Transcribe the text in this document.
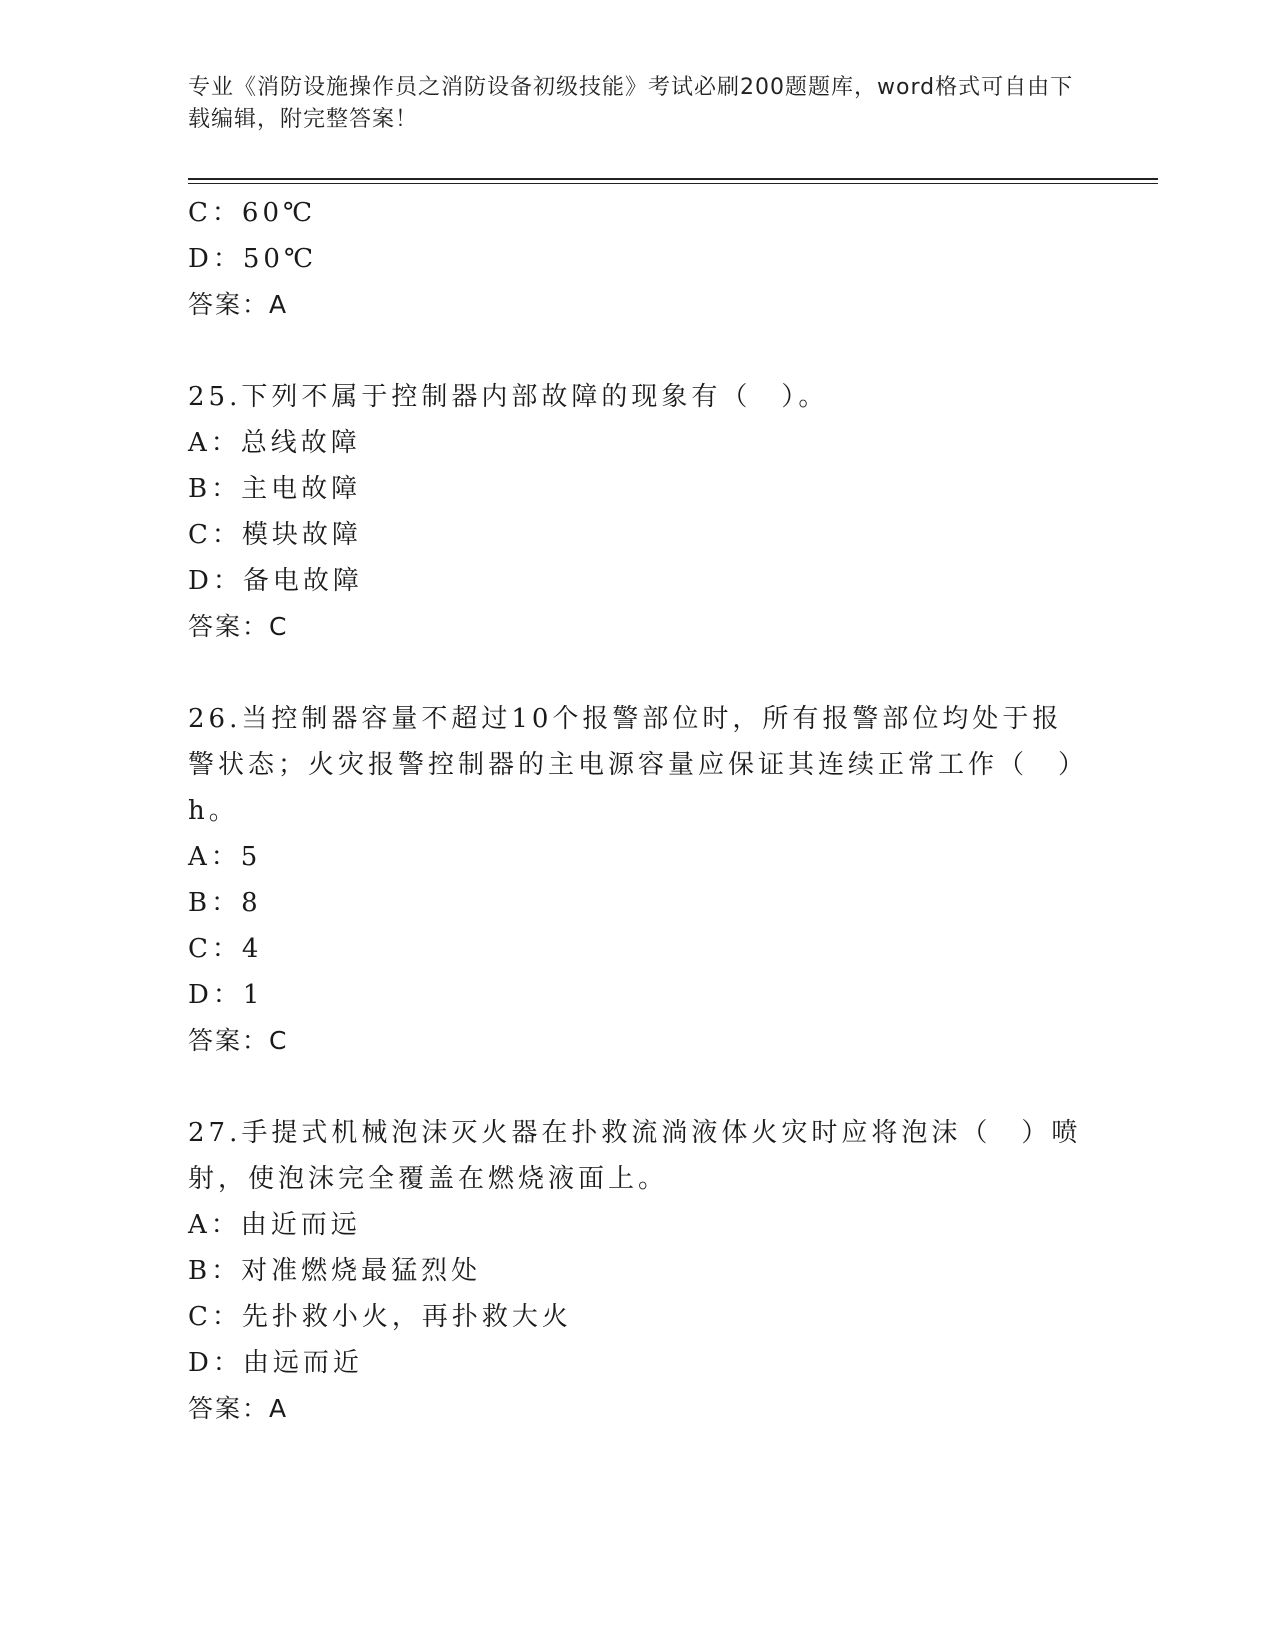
专业《消防设施操作员之消防设备初级技能》考试必刷200题题库，word格式可自由下载编辑，附完整答案！
C：60℃
D：50℃
答案：A
25.下列不属于控制器内部故障的现象有（　）。
A：总线故障
B：主电故障
C：模块故障
D：备电故障
答案：C
26.当控制器容量不超过10个报警部位时，所有报警部位均处于报警状态；火灾报警控制器的主电源容量应保证其连续正常工作（　）h。
A：5
B：8
C：4
D：1
答案：C
27.手提式机械泡沫灭火器在扑救流淌液体火灾时应将泡沫（　）喷射，使泡沫完全覆盖在燃烧液面上。
A：由近而远
B：对准燃烧最猛烈处
C：先扑救小火，再扑救大火
D：由远而近
答案：A
